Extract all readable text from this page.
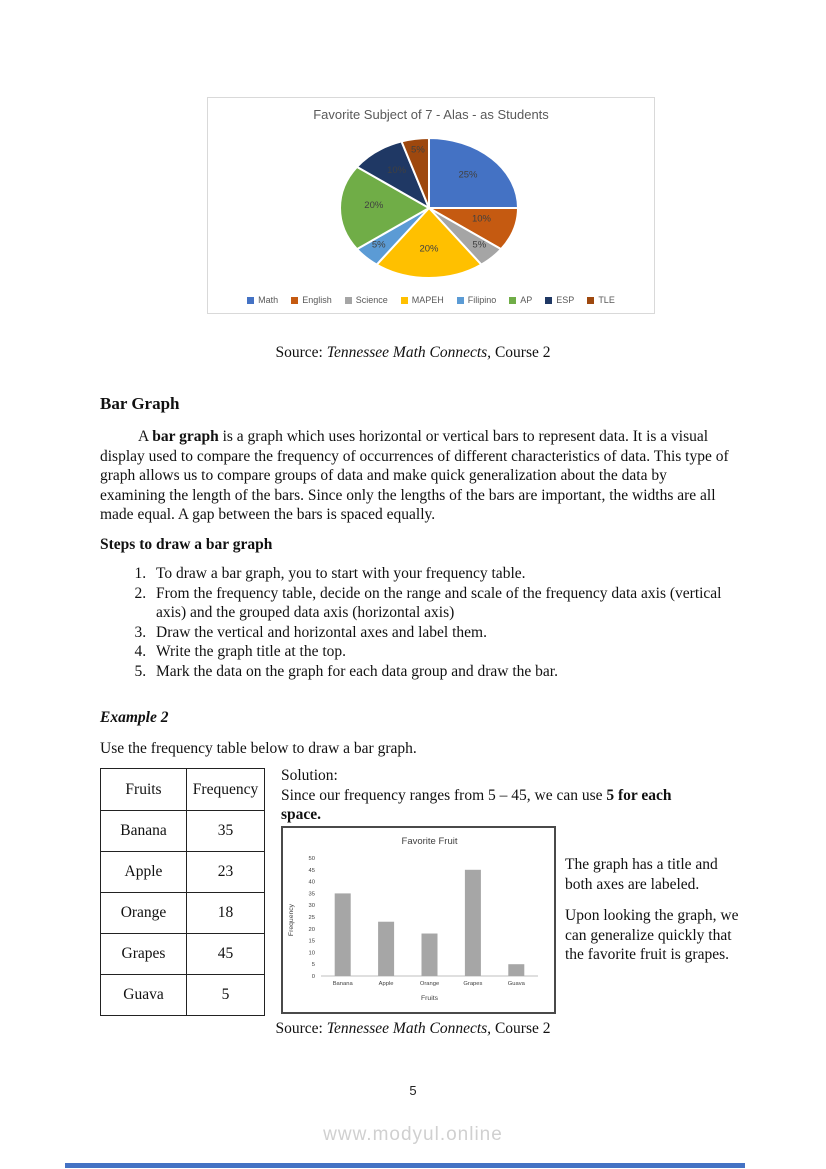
Favorite Subject of 7 - Alas - as Students
25%
10%
5%
20%
5%
20%
10%
5%
Math	English	Science	MAPEH	Filipino	AP	ESP	TLE
Source: Tennessee Math Connects, Course 2
Bar Graph

A bar graph is a graph which uses horizontal or vertical bars to represent data. It is a visual display used to compare the frequency of occurrences of different characteristics of data. This type of graph allows us to compare groups of data and make quick generalization about the data by examining the length of the bars. Since only the lengths of the bars are important, the widths are all made equal. A gap between the bars is spaced equally.

Steps to draw a bar graph
1. To draw a bar graph, you to start with your frequency table.
2. From the frequency table, decide on the range and scale of the frequency data axis (vertical axis) and the grouped data axis (horizontal axis)
3. Draw the vertical and horizontal axes and label them.
4. Write the graph title at the top.
5. Mark the data on the graph for each data group and draw the bar.
Example 2

Use the frequency table below to draw a bar graph.

Fruits	Frequency
Banana	35
Apple	23
Orange	18
Grapes	45
Guava	5
Solution:
Since our frequency ranges from 5 – 45, we can use 5 for each
space.
Favorite Fruit
0
5
10
15
20
25
30
35
40
45
50
Banana	Apple	Orange	Grapes	Guava
Fruits
Frequency

The graph has a title and both axes are labeled.

Upon looking the graph, we can generalize quickly that the favorite fruit is grapes.

Source: Tennessee Math Connects, Course 2
5
www.modyul.online
